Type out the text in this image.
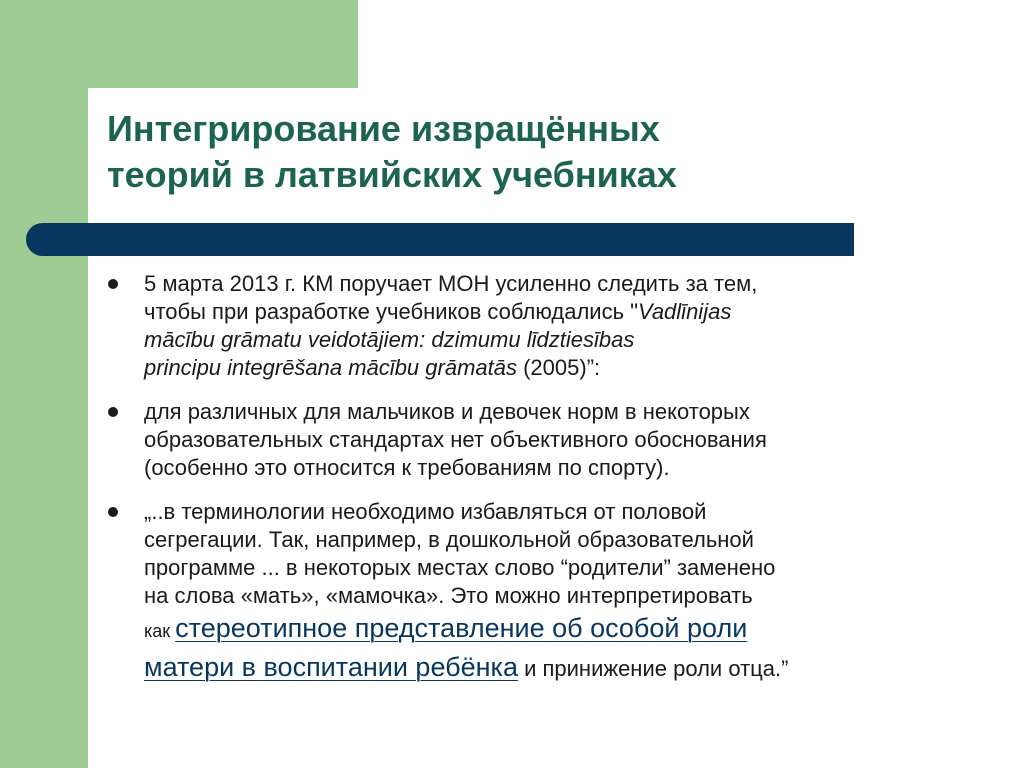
Интегрирование извращённых
теорий в латвийских учебниках
5 марта 2013 г. КМ поручает МОН усиленно следить за тем,
чтобы при разработке учебников соблюдались "Vadlīnijas
mācību grāmatu veidotājiem: dzimumu līdztiesības
principu integrēšana mācību grāmatās (2005)”:
для различных для мальчиков и девочек норм в некоторых
образовательных стандартах нет объективного обоснования
(особенно это относится к требованиям по спорту).
„..в терминологии необходимо избавляться от половой
сегрегации. Так, например, в дошкольной образовательной
программе ... в некоторых местах слово “родители” заменено
на слова «мать», «мамочка». Это можно интерпретировать
как стереотипное представление об особой роли
матери в воспитании ребёнка и принижение роли отца.”
